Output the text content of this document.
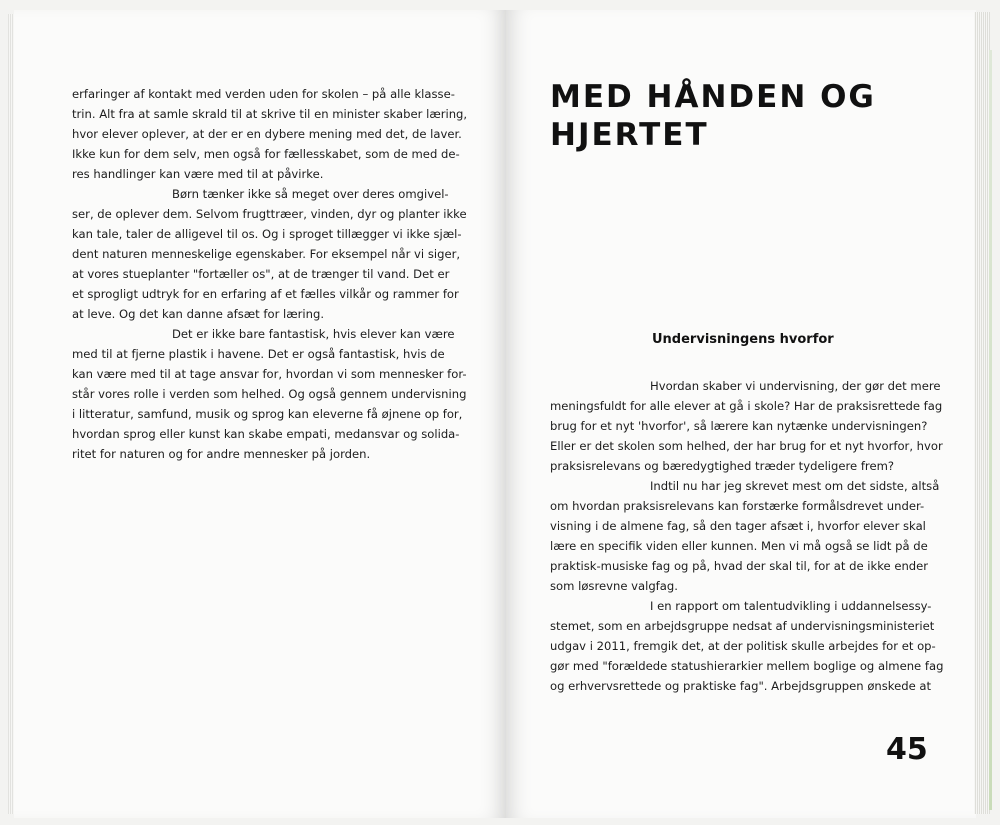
erfaringer af kontakt med verden uden for skolen – på alle klasse-
trin. Alt fra at samle skrald til at skrive til en minister skaber læring,
hvor elever oplever, at der er en dybere mening med det, de laver.
Ikke kun for dem selv, men også for fællesskabet, som de med de-
res handlinger kan være med til at påvirke.
Børn tænker ikke så meget over deres omgivel-
ser, de oplever dem. Selvom frugttræer, vinden, dyr og planter ikke
kan tale, taler de alligevel til os. Og i sproget tillægger vi ikke sjæl-
dent naturen menneskelige egenskaber. For eksempel når vi siger,
at vores stueplanter "fortæller os", at de trænger til vand. Det er
et sprogligt udtryk for en erfaring af et fælles vilkår og rammer for
at leve. Og det kan danne afsæt for læring.
Det er ikke bare fantastisk, hvis elever kan være
med til at fjerne plastik i havene. Det er også fantastisk, hvis de
kan være med til at tage ansvar for, hvordan vi som mennesker for-
står vores rolle i verden som helhed. Og også gennem undervisning
i litteratur, samfund, musik og sprog kan eleverne få øjnene op for,
hvordan sprog eller kunst kan skabe empati, medansvar og solida-
ritet for naturen og for andre mennesker på jorden.
MED HÅNDEN OG
HJERTET
Undervisningens hvorfor
Hvordan skaber vi undervisning, der gør det mere
meningsfuldt for alle elever at gå i skole? Har de praksisrettede fag
brug for et nyt 'hvorfor', så lærere kan nytænke undervisningen?
Eller er det skolen som helhed, der har brug for et nyt hvorfor, hvor
praksisrelevans og bæredygtighed træder tydeligere frem?
Indtil nu har jeg skrevet mest om det sidste, altså
om hvordan praksisrelevans kan forstærke formålsdrevet under-
visning i de almene fag, så den tager afsæt i, hvorfor elever skal
lære en specifik viden eller kunnen. Men vi må også se lidt på de
praktisk-musiske fag og på, hvad der skal til, for at de ikke ender
som løsrevne valgfag.
I en rapport om talentudvikling i uddannelsessy-
stemet, som en arbejdsgruppe nedsat af undervisningsministeriet
udgav i 2011, fremgik det, at der politisk skulle arbejdes for et op-
gør med "forældede statushierarkier mellem boglige og almene fag
og erhvervsrettede og praktiske fag". Arbejdsgruppen ønskede at
45
